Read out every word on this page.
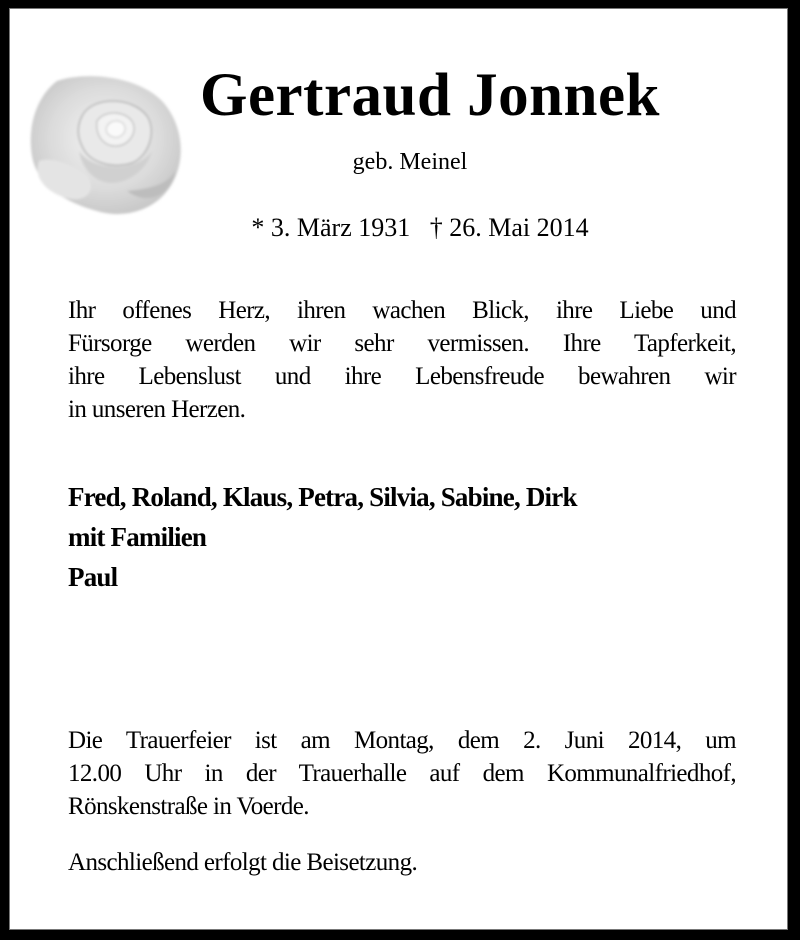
Gertraud Jonnek
geb. Meinel
* 3. März 1931 † 26. Mai 2014
Ihr offenes Herz, ihren wachen Blick, ihre Liebe und
Fürsorge werden wir sehr vermissen. Ihre Tapferkeit,
ihre Lebenslust und ihre Lebensfreude bewahren wir
in unseren Herzen.
Fred, Roland, Klaus, Petra, Silvia, Sabine, Dirk
mit Familien
Paul
Die Trauerfeier ist am Montag, dem 2. Juni 2014, um
12.00 Uhr in der Trauerhalle auf dem Kommunalfriedhof,
Rönskenstraße in Voerde.
Anschließend erfolgt die Beisetzung.
